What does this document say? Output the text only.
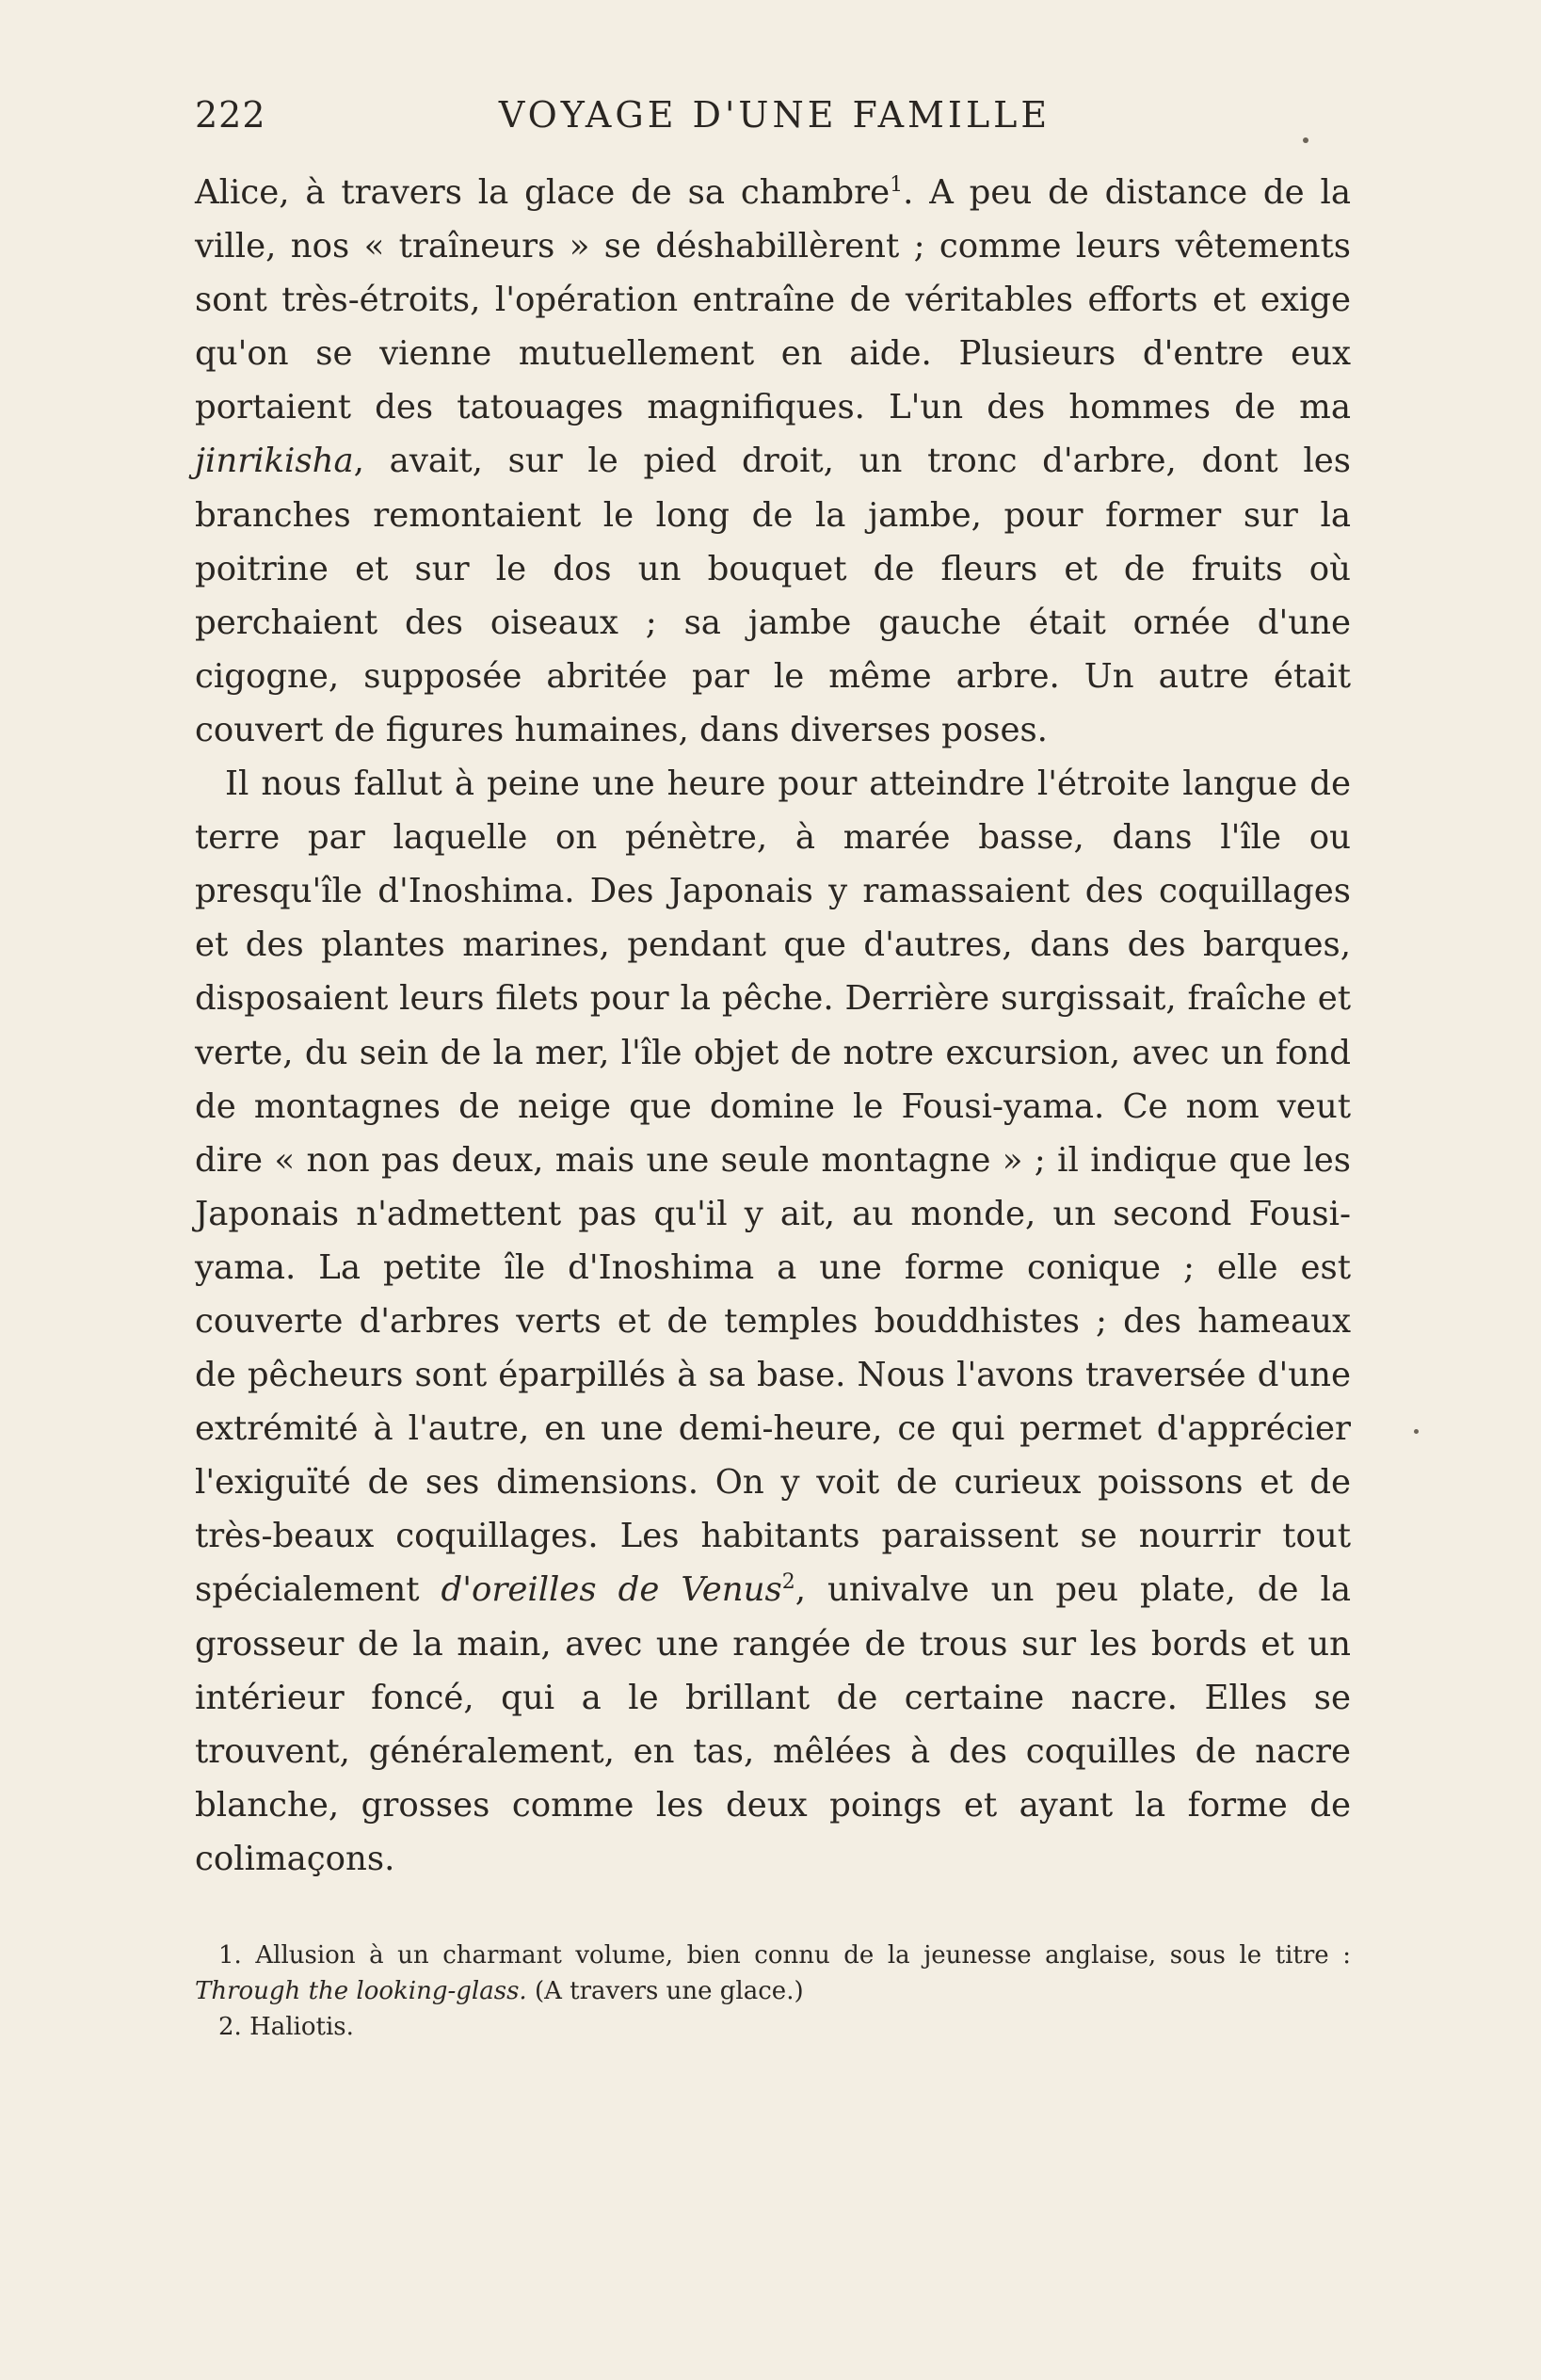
222	VOYAGE D'UNE FAMILLE

Alice, à travers la glace de sa chambre$^1$. A peu de distance de la ville, nos « traîneurs » se déshabillèrent ; comme leurs vêtements sont très-étroits, l'opération entraîne de véritables efforts et exige qu'on se vienne mutuellement en aide. Plusieurs d'entre eux portaient des tatouages magnifiques. L'un des hommes de ma jinrikisha, avait, sur le pied droit, un tronc d'arbre, dont les branches remontaient le long de la jambe, pour former sur la poitrine et sur le dos un bouquet de fleurs et de fruits où perchaient des oiseaux ; sa jambe gauche était ornée d'une cigogne, supposée abritée par le même arbre. Un autre était couvert de figures humaines, dans diverses poses.

Il nous fallut à peine une heure pour atteindre l'étroite langue de terre par laquelle on pénètre, à marée basse, dans l'île ou presqu'île d'Inoshima. Des Japonais y ramassaient des coquillages et des plantes marines, pendant que d'autres, dans des barques, disposaient leurs filets pour la pêche. Derrière surgissait, fraîche et verte, du sein de la mer, l'île objet de notre excursion, avec un fond de montagnes de neige que domine le Fousi-yama. Ce nom veut dire « non pas deux, mais une seule montagne » ; il indique que les Japonais n'admettent pas qu'il y ait, au monde, un second Fousi-yama. La petite île d'Inoshima a une forme conique ; elle est couverte d'arbres verts et de temples bouddhistes ; des hameaux de pêcheurs sont éparpillés à sa base. Nous l'avons traversée d'une extrémité à l'autre, en une demi-heure, ce qui permet d'apprécier l'exiguïté de ses dimensions. On y voit de curieux poissons et de très-beaux coquillages. Les habitants paraissent se nourrir tout spécialement d'oreilles de Venus$^2$, univalve un peu plate, de la grosseur de la main, avec une rangée de trous sur les bords et un intérieur foncé, qui a le brillant de certaine nacre. Elles se trouvent, généralement, en tas, mêlées à des coquilles de nacre blanche, grosses comme les deux poings et ayant la forme de colimaçons.

1. Allusion à un charmant volume, bien connu de la jeunesse anglaise, sous le titre : Through the looking-glass. (A travers une glace.)

2. Haliotis.
